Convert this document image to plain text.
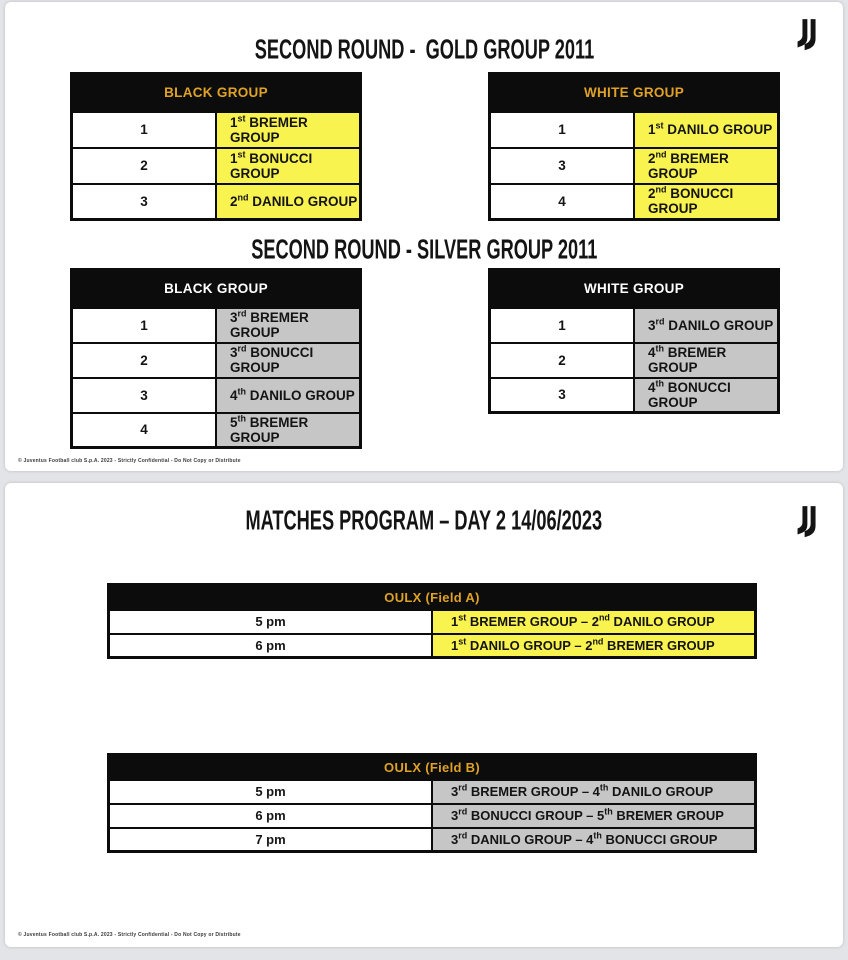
SECOND ROUND -  GOLD GROUP 2011
BLACK GROUP	
1	1st BREMER GROUP
2	1st BONUCCI GROUP
3	2nd DANILO GROUP
WHITE GROUP	
1	1st DANILO GROUP
3	2nd BREMER GROUP
4	2nd BONUCCI GROUP
SECOND ROUND - SILVER GROUP 2011
BLACK GROUP	
1	3rd BREMER GROUP
2	3rd BONUCCI GROUP
3	4th DANILO GROUP
4	5th BREMER GROUP
WHITE GROUP	
1	3rd DANILO GROUP
2	4th BREMER GROUP
3	4th BONUCCI GROUP
© Juventus Football club S.p.A. 2023 - Strictly Confidential - Do Not Copy or Distribute
MATCHES PROGRAM – DAY 2 14/06/2023
OULX (Field A)	
5 pm	1st BREMER GROUP – 2nd DANILO GROUP
6 pm	1st DANILO GROUP – 2nd BREMER GROUP
OULX (Field B)	
5 pm	3rd BREMER GROUP – 4th DANILO GROUP
6 pm	3rd BONUCCI GROUP – 5th BREMER GROUP
7 pm	3rd DANILO GROUP – 4th BONUCCI GROUP
© Juventus Football club S.p.A. 2023 - Strictly Confidential - Do Not Copy or Distribute
